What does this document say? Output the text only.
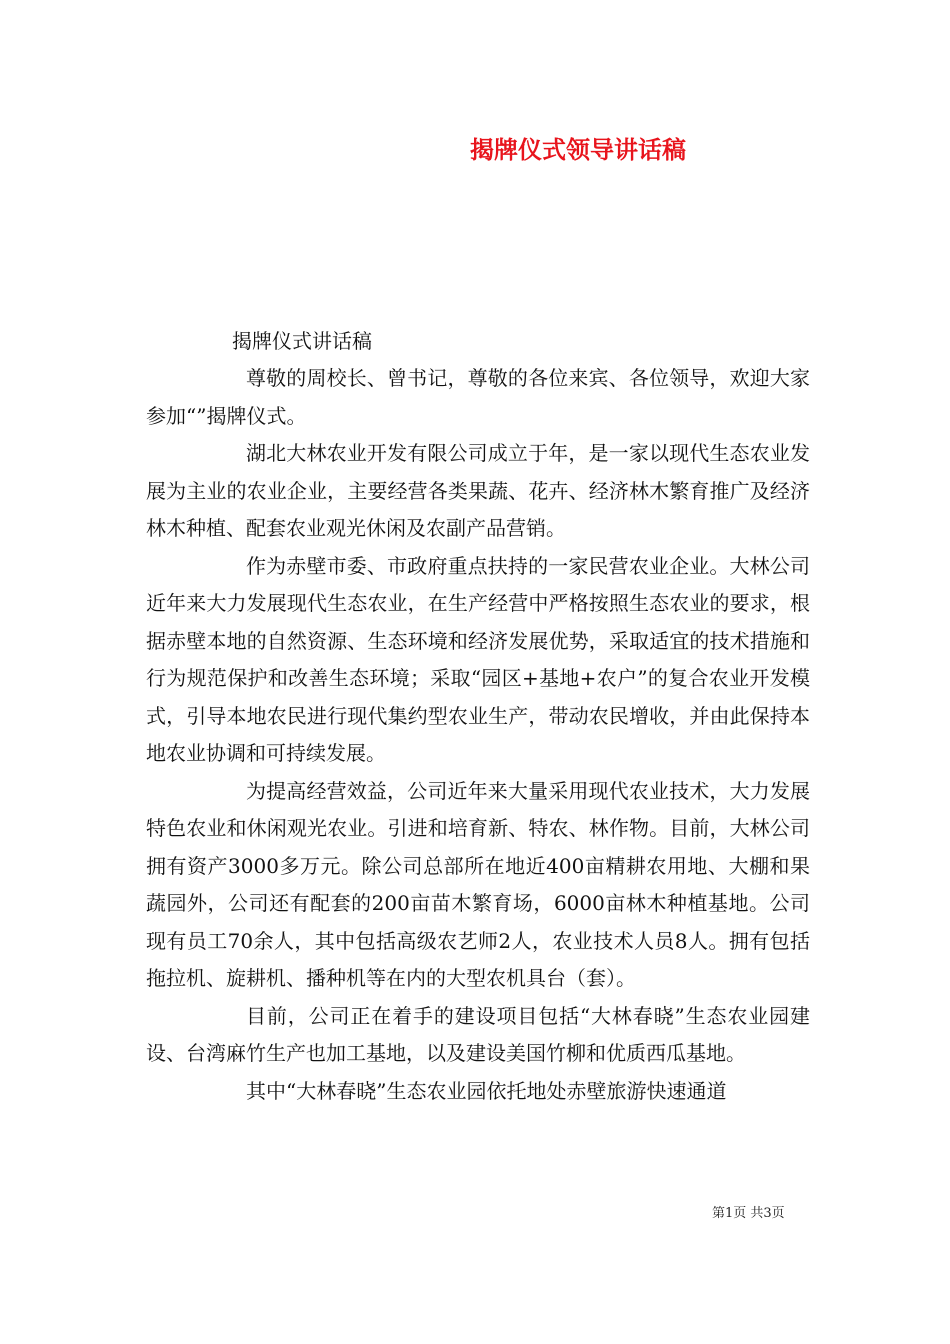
揭牌仪式领导讲话稿
揭牌仪式讲话稿

尊敬的周校长、曾书记，尊敬的各位来宾、各位领导，欢迎大家参加“”揭牌仪式。

湖北大林农业开发有限公司成立于年，是一家以现代生态农业发展为主业的农业企业，主要经营各类果蔬、花卉、经济林木繁育推广及经济林木种植、配套农业观光休闲及农副产品营销。

作为赤壁市委、市政府重点扶持的一家民营农业企业。大林公司近年来大力发展现代生态农业，在生产经营中严格按照生态农业的要求，根据赤壁本地的自然资源、生态环境和经济发展优势，采取适宜的技术措施和行为规范保护和改善生态环境；采取“园区+基地+农户”的复合农业开发模式，引导本地农民进行现代集约型农业生产，带动农民增收，并由此保持本地农业协调和可持续发展。

为提高经营效益，公司近年来大量采用现代农业技术，大力发展特色农业和休闲观光农业。引进和培育新、特农、林作物。目前，大林公司拥有资产3000多万元。除公司总部所在地近400亩精耕农用地、大棚和果蔬园外，公司还有配套的200亩苗木繁育场，6000亩林木种植基地。公司现有员工70余人，其中包括高级农艺师2人，农业技术人员8人。拥有包括拖拉机、旋耕机、播种机等在内的大型农机具台（套）。

目前，公司正在着手的建设项目包括“大林春晓”生态农业园建设、台湾麻竹生产也加工基地，以及建设美国竹柳和优质西瓜基地。

其中“大林春晓”生态农业园依托地处赤壁旅游快速通道

第1页 共3页
